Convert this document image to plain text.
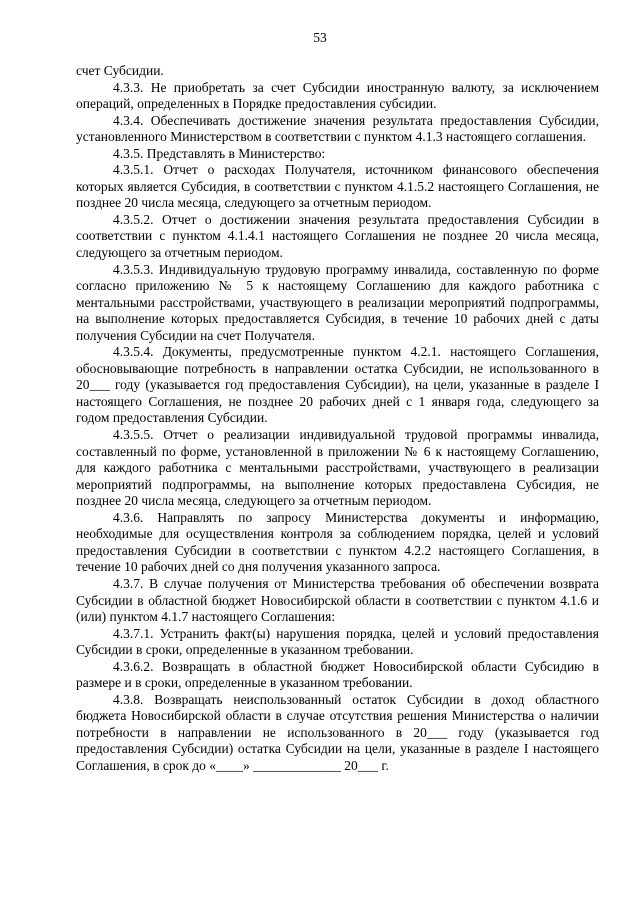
53

счет Субсидии.

4.3.3. Не приобретать за счет Субсидии иностранную валюту, за исключением операций, определенных в Порядке предоставления субсидии.

4.3.4. Обеспечивать достижение значения результата предоставления Субсидии, установленного Министерством в соответствии с пунктом 4.1.3 настоящего соглашения.

4.3.5. Представлять в Министерство:

4.3.5.1. Отчет о расходах Получателя, источником финансового обеспечения которых является Субсидия, в соответствии с пунктом 4.1.5.2 настоящего Соглашения, не позднее 20 числа месяца, следующего за отчетным периодом.

4.3.5.2. Отчет о достижении значения результата предоставления Субсидии в соответствии с пунктом 4.1.4.1 настоящего Соглашения не позднее 20 числа месяца, следующего за отчетным периодом.

4.3.5.3. Индивидуальную трудовую программу инвалида, составленную по форме согласно приложению № 5 к настоящему Соглашению для каждого работника с ментальными расстройствами, участвующего в реализации мероприятий подпрограммы, на выполнение которых предоставляется Субсидия, в течение 10 рабочих дней с даты получения Субсидии на счет Получателя.

4.3.5.4. Документы, предусмотренные пунктом 4.2.1. настоящего Соглашения, обосновывающие потребность в направлении остатка Субсидии, не использованного в 20___ году (указывается год предоставления Субсидии), на цели, указанные в разделе I настоящего Соглашения, не позднее 20 рабочих дней с 1 января года, следующего за годом предоставления Субсидии.

4.3.5.5. Отчет о реализации индивидуальной трудовой программы инвалида, составленный по форме, установленной в приложении № 6 к настоящему Соглашению, для каждого работника с ментальными расстройствами, участвующего в реализации мероприятий подпрограммы, на выполнение которых предоставлена Субсидия, не позднее 20 числа месяца, следующего за отчетным периодом.

4.3.6. Направлять по запросу Министерства документы и информацию, необходимые для осуществления контроля за соблюдением порядка, целей и условий предоставления Субсидии в соответствии с пунктом 4.2.2 настоящего Соглашения, в течение 10 рабочих дней со дня получения указанного запроса.

4.3.7. В случае получения от Министерства требования об обеспечении возврата Субсидии в областной бюджет Новосибирской области в соответствии с пунктом 4.1.6 и (или) пунктом 4.1.7 настоящего Соглашения:

4.3.7.1. Устранить факт(ы) нарушения порядка, целей и условий предоставления Субсидии в сроки, определенные в указанном требовании.

4.3.6.2. Возвращать в областной бюджет Новосибирской области Субсидию в размере и в сроки, определенные в указанном требовании.

4.3.8. Возвращать неиспользованный остаток Субсидии в доход областного бюджета Новосибирской области в случае отсутствия решения Министерства о наличии потребности в направлении не использованного в 20___ году (указывается год предоставления Субсидии) остатка Субсидии на цели, указанные в разделе I настоящего Соглашения, в срок до «____» _____________ 20___ г.
